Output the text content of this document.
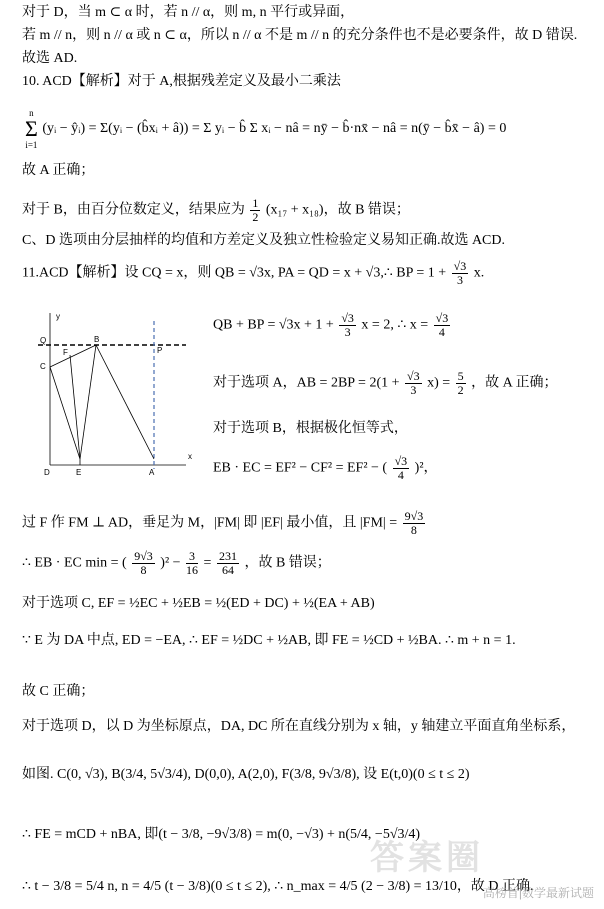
对于 D，当 m ⊂ α 时，若 n // α，则 m, n 平行或异面，
若 m // n，则 n // α 或 n ⊂ α，所以 n // α 不是 m // n 的充分条件也不是必要条件，故 D 错误.
故选 AD.
10. ACD【解析】对于 A,根据残差定义及最小二乘法
n
Σ
i=1
(yᵢ − ŷᵢ) = Σ(yᵢ − (b̂xᵢ + â)) = Σ yᵢ − b̂ Σ xᵢ − nâ = nȳ − b̂·nx̄ − nâ = n(ȳ − b̂x̄ − â) = 0
故 A 正确；
对于 B，由百分位数定义，结果应为 $\frac{1}{2} (x_{17} + x_{18})$，故 B 错误；
C、D 选项由分层抽样的均值和方差定义及独立性检验定义易知正确.故选 ACD.
11.ACD【解析】设 CQ = x，则 QB = √3x, PA = QD = x + √3,∴ BP = $1 + \frac{√3}{3} x$.
Q
F
B
P
C
D	E	A
x
y
QB + BP = $√3x + 1 + \frac{√3}{3}$ x = 2, ∴ $x = \frac{√3}{4}$
对于选项 A，AB = $2BP = 2(1 + \frac{√3}{3} x) = \frac{5}{2}$ ，故 A 正确；
对于选项 B，根据极化恒等式，
EB · EC = EF² − CF² = EF² − ( $\frac{√3}{4} )^2$，
过 F 作 FM ⊥ AD，垂足为 M，|FM| 即 |EF| 最小值，且 $|FM| = \frac{9√3}{8}$
∴ EB · EC min = ( $\frac{9√3}{8} )^2 - \frac{3}{16} = \frac{231}{64}$ ，故 B 错误；
对于选项 C, EF = ½EC + ½EB = ½(ED + DC) + ½(EA + AB)
∵ E 为 DA 中点, ED = −EA, ∴ EF = ½DC + ½AB, 即 FE = ½CD + ½BA. ∴ m + n = 1.
故 C 正确；
对于选项 D，以 D 为坐标原点，DA, DC 所在直线分别为 x 轴，y 轴建立平面直角坐标系，
如图. C(0, √3), B(3/4, 5√3/4), D(0,0), A(2,0), F(3/8, 9√3/8), 设 E(t,0)(0 ≤ t ≤ 2)
∴ FE = mCD + nBA, 即(t − 3/8, −9√3/8) = m(0, −√3) + n(5/4, −5√3/4)
∴ t − 3/8 = 5/4 n, n = 4/5 (t − 3/8)(0 ≤ t ≤ 2), ∴ n_max = 4/5 (2 − 3/8) = 13/10，故 D 正确.
答案圈
高榜首|数学最新试题
